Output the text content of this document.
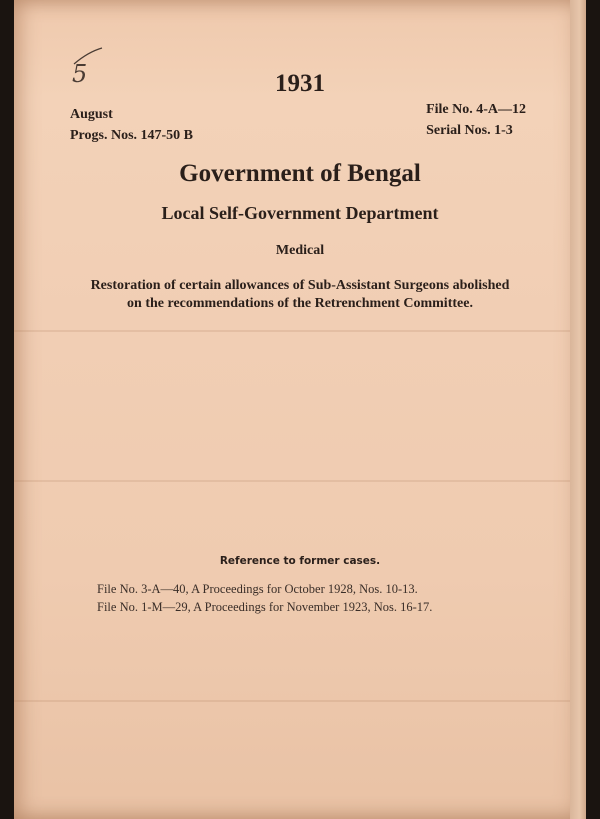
5	1931
August
Progs. Nos. 147-50 B
File No. 4-A—12
Serial Nos. 1-3
Government of Bengal
Local Self-Government Department
Medical
Restoration of certain allowances of Sub-Assistant Surgeons abolished
on the recommendations of the Retrenchment Committee.
Reference to former cases.
File No. 3-A—40, A Proceedings for October 1928, Nos. 10-13.
File No. 1-M—29, A Proceedings for November 1923, Nos. 16-17.
